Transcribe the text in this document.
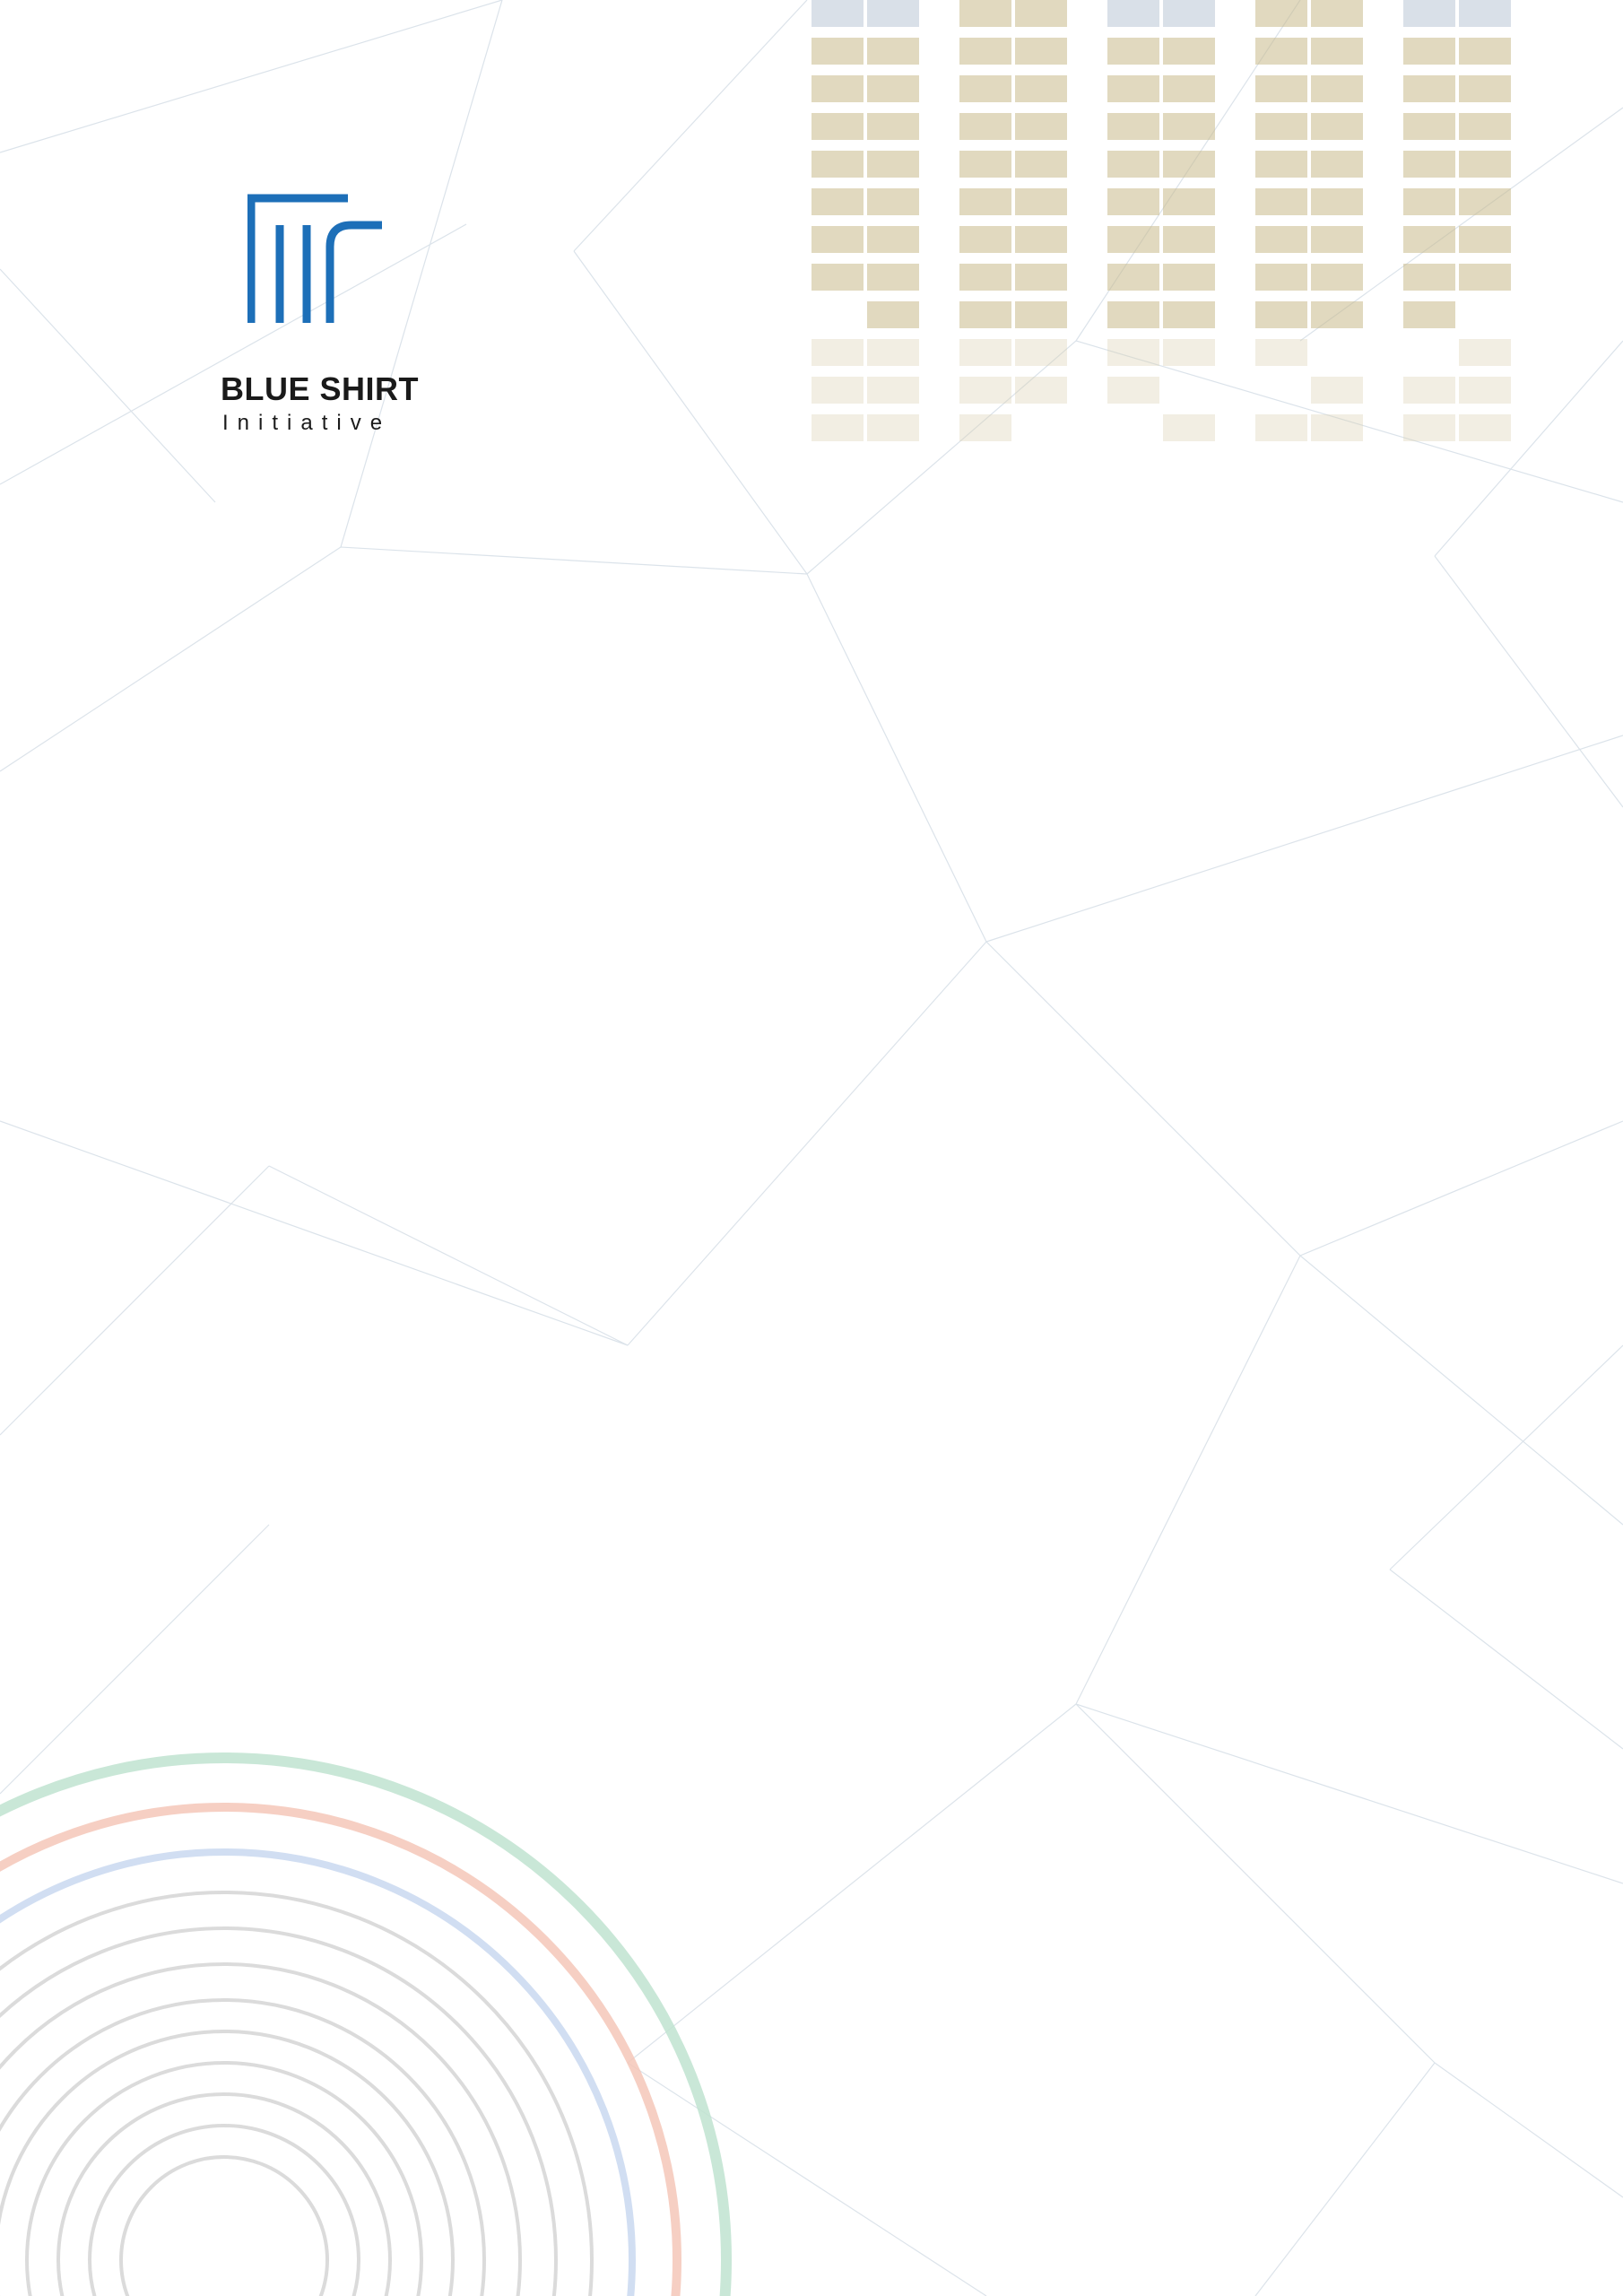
BLUE SHIRT
Initiative
